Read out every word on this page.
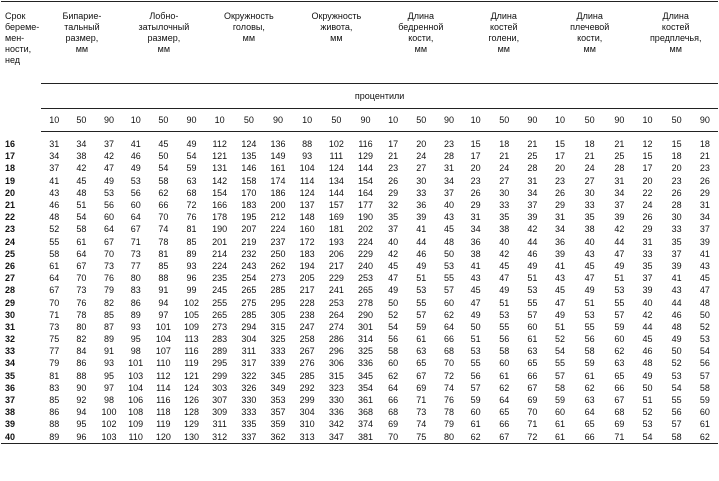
Срок
береме-
мен-
ности,
нед	Бипарие-
тальный
размер,
мм			Лобно-
затылочный
размер,
мм			Окружность
головы,
мм			Окружность
живота,
мм			Длина
бедренной
кости,
мм			Длина
костей
голени,
мм			Длина
плечевой
кости,
мм			Длина
костей
предплечья,
мм		
	процентили																							
	10	50	90	10	50	90	10	50	90	10	50	90	10	50	90	10	50	90	10	50	90	10	50	90

16	31	34	37	41	45	49	112	124	136	88	102	116	17	20	23	15	18	21	15	18	21	12	15	18
17	34	38	42	46	50	54	121	135	149	93	111	129	21	24	28	17	21	25	17	21	25	15	18	21
18	37	42	47	49	54	59	131	146	161	104	124	144	23	27	31	20	24	28	20	24	28	17	20	23
19	41	45	49	53	58	63	142	158	174	114	134	154	26	30	34	23	27	31	23	27	31	20	23	26
20	43	48	53	56	62	68	154	170	186	124	144	164	29	33	37	26	30	34	26	30	34	22	26	29
21	46	51	56	60	66	72	166	183	200	137	157	177	32	36	40	29	33	37	29	33	37	24	28	31
22	48	54	60	64	70	76	178	195	212	148	169	190	35	39	43	31	35	39	31	35	39	26	30	34
23	52	58	64	67	74	81	190	207	224	160	181	202	37	41	45	34	38	42	34	38	42	29	33	37
24	55	61	67	71	78	85	201	219	237	172	193	224	40	44	48	36	40	44	36	40	44	31	35	39
25	58	64	70	73	81	89	214	232	250	183	206	229	42	46	50	38	42	46	39	43	47	33	37	41
26	61	67	73	77	85	93	224	243	262	194	217	240	45	49	53	41	45	49	41	45	49	35	39	43
27	64	70	76	80	88	96	235	254	273	205	229	253	47	51	55	43	47	51	43	47	51	37	41	45
28	67	73	79	83	91	99	245	265	285	217	241	265	49	53	57	45	49	53	45	49	53	39	43	47
29	70	76	82	86	94	102	255	275	295	228	253	278	50	55	60	47	51	55	47	51	55	40	44	48
30	71	78	85	89	97	105	265	285	305	238	264	290	52	57	62	49	53	57	49	53	57	42	46	50
31	73	80	87	93	101	109	273	294	315	247	274	301	54	59	64	50	55	60	51	55	59	44	48	52
32	75	82	89	95	104	113	283	304	325	258	286	314	56	61	66	51	56	61	52	56	60	45	49	53
33	77	84	91	98	107	116	289	311	333	267	296	325	58	63	68	53	58	63	54	58	62	46	50	54
34	79	86	93	101	110	119	295	317	339	276	306	336	60	65	70	55	60	65	55	59	63	48	52	56
35	81	88	95	103	112	121	299	322	345	285	315	345	62	67	72	56	61	66	57	61	65	49	53	57
36	83	90	97	104	114	124	303	326	349	292	323	354	64	69	74	57	62	67	58	62	66	50	54	58
37	85	92	98	106	116	126	307	330	353	299	330	361	66	71	76	59	64	69	59	63	67	51	55	59
38	86	94	100	108	118	128	309	333	357	304	336	368	68	73	78	60	65	70	60	64	68	52	56	60
39	88	95	102	109	119	129	311	335	359	310	342	374	69	74	79	61	66	71	61	65	69	53	57	61
40	89	96	103	110	120	130	312	337	362	313	347	381	70	75	80	62	67	72	61	66	71	54	58	62
